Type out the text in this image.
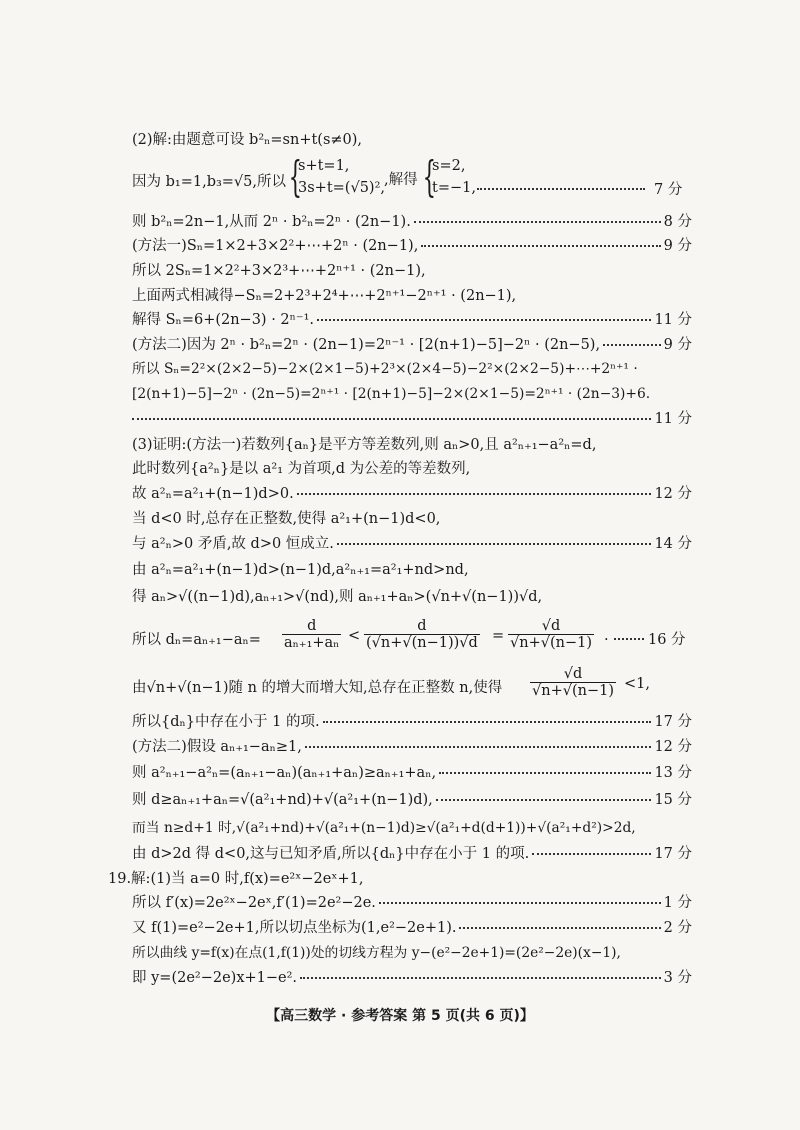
(2)解:由题意可设 b²ₙ=sn+t(s≠0),
因为 b₁=1,b₃=√5,所以 {
s+t=1,
3s+t=(√5)², ,解得 {
s=2,
t=−1,	7 分
则 b²ₙ=2n−1,从而 2ⁿ · b²ₙ=2ⁿ · (2n−1).	8 分
(方法一)Sₙ=1×2+3×2²+⋯+2ⁿ · (2n−1),	9 分
所以 2Sₙ=1×2²+3×2³+⋯+2ⁿ⁺¹ · (2n−1),
上面两式相减得−Sₙ=2+2³+2⁴+⋯+2ⁿ⁺¹−2ⁿ⁺¹ · (2n−1),
解得 Sₙ=6+(2n−3) · 2ⁿ⁻¹.	11 分
(方法二)因为 2ⁿ · b²ₙ=2ⁿ · (2n−1)=2ⁿ⁻¹ · [2(n+1)−5]−2ⁿ · (2n−5),	9 分
所以 Sₙ=2²×(2×2−5)−2×(2×1−5)+2³×(2×4−5)−2²×(2×2−5)+⋯+2ⁿ⁺¹ ·
[2(n+1)−5]−2ⁿ · (2n−5)=2ⁿ⁺¹ · [2(n+1)−5]−2×(2×1−5)=2ⁿ⁺¹ · (2n−3)+6.
11 分
(3)证明:(方法一)若数列{aₙ}是平方等差数列,则 aₙ>0,且 a²ₙ₊₁−a²ₙ=d,
此时数列{a²ₙ}是以 a²₁ 为首项,d 为公差的等差数列,
故 a²ₙ=a²₁+(n−1)d>0.	12 分
当 d<0 时,总存在正整数,使得 a²₁+(n−1)d<0,
与 a²ₙ>0 矛盾,故 d>0 恒成立.	14 分
由 a²ₙ=a²₁+(n−1)d>(n−1)d,a²ₙ₊₁=a²₁+nd>nd,
得 aₙ>√((n−1)d),aₙ₊₁>√(nd),则 aₙ₊₁+aₙ>(√n+√(n−1))√d,
所以 $d_n=a_{n+1}-a_n= \frac{d}{\text{aₙ₊₁+aₙ}} < \frac{d}{(√n+√(n-1))√d} = \frac{√d}{√n+√(n-1)}$ .	16 分
由√n+√(n−1)随 n 的增大而增大知,总存在正整数 n,使得 $\frac{√d}{√n+√(n-1)} <1$,
所以{dₙ}中存在小于 1 的项.	17 分
(方法二)假设 aₙ₊₁−aₙ≥1,	12 分
则 a²ₙ₊₁−a²ₙ=(aₙ₊₁−aₙ)(aₙ₊₁+aₙ)≥aₙ₊₁+aₙ,	13 分
则 d≥aₙ₊₁+aₙ=√(a²₁+nd)+√(a²₁+(n−1)d),	15 分
而当 n≥d+1 时,√(a²₁+nd)+√(a²₁+(n−1)d)≥√(a²₁+d(d+1))+√(a²₁+d²)>2d,
由 d>2d 得 d<0,这与已知矛盾,所以{dₙ}中存在小于 1 的项.	17 分
19.解:(1)当 a=0 时,f(x)=e²ˣ−2eˣ+1,
所以 f′(x)=2e²ˣ−2eˣ,f′(1)=2e²−2e.	1 分
又 f(1)=e²−2e+1,所以切点坐标为(1,e²−2e+1).	2 分
所以曲线 y=f(x)在点(1,f(1))处的切线方程为 y−(e²−2e+1)=(2e²−2e)(x−1),
即 y=(2e²−2e)x+1−e².	3 分
【高三数学 · 参考答案 第 5 页(共 6 页)】
